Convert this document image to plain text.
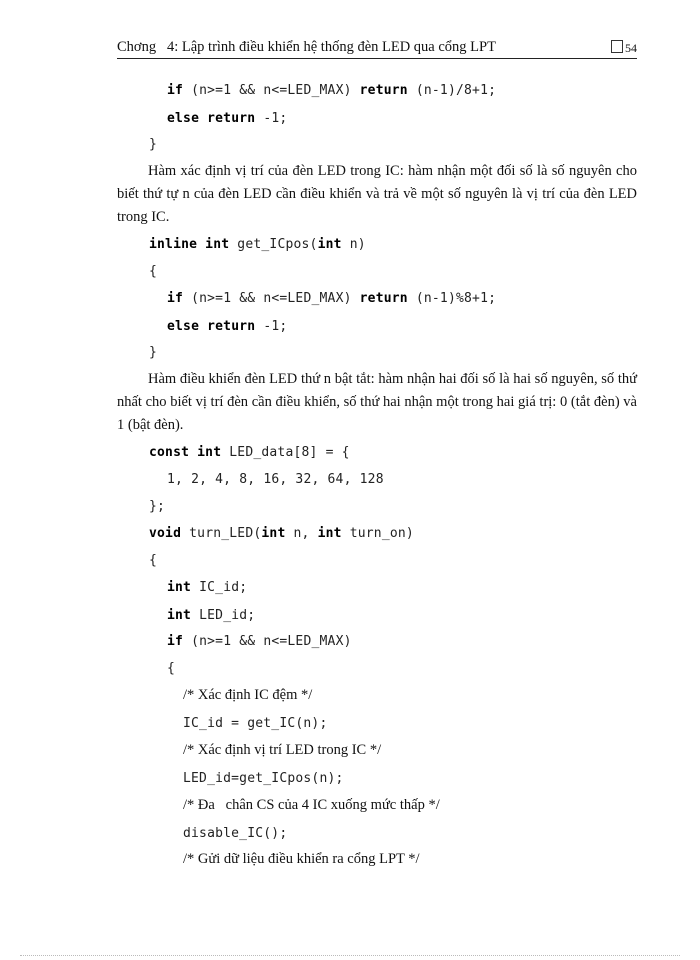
Chơng   4: Lập trình điều khiển hệ thống đèn LED qua cổng LPT	54
if (n>=1 && n<=LED_MAX) return (n-1)/8+1;
else return -1;
}
Hàm xác định vị trí của đèn LED trong IC: hàm nhận một đối số là số nguyên cho biết thứ tự n của đèn LED cần điều khiển và trả về một số nguyên là vị trí của đèn LED trong IC.
inline int get_ICpos(int n)
{
if (n>=1 && n<=LED_MAX) return (n-1)%8+1;
else return -1;
}
Hàm điều khiển đèn LED thứ n bật tắt: hàm nhận hai đối số là hai số nguyên, số thứ nhất cho biết vị trí đèn cần điều khiển, số thứ hai nhận một trong hai giá trị: 0 (tắt đèn) và 1 (bật đèn).
const int LED_data[8] = {
1, 2, 4, 8, 16, 32, 64, 128
};
void turn_LED(int n, int turn_on)
{
int IC_id;
int LED_id;
if (n>=1 && n<=LED_MAX)
{
/* Xác định IC đệm */
IC_id = get_IC(n);
/* Xác định vị trí LED trong IC */
LED_id=get_ICpos(n);
/* Đa   chân CS của 4 IC xuống mức thấp */
disable_IC();
/* Gửi dữ liệu điều khiển ra cổng LPT */
